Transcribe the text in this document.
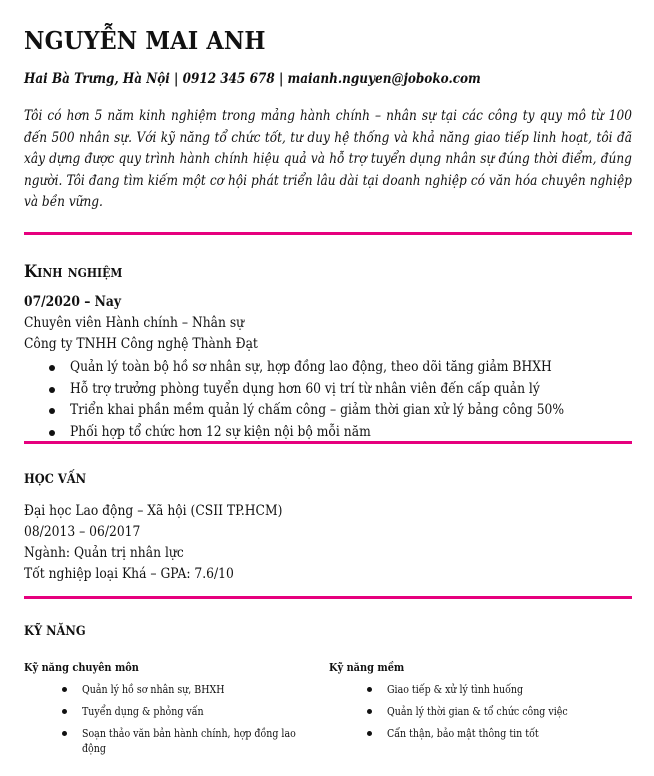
NGUYỄN MAI ANH
Hai Bà Trưng, Hà Nội | 0912 345 678 | maianh.nguyen@joboko.com
Tôi có hơn 5 năm kinh nghiệm trong mảng hành chính – nhân sự tại các công ty quy mô từ 100 đến 500 nhân sự. Với kỹ năng tổ chức tốt, tư duy hệ thống và khả năng giao tiếp linh hoạt, tôi đã xây dựng được quy trình hành chính hiệu quả và hỗ trợ tuyển dụng nhân sự đúng thời điểm, đúng người. Tôi đang tìm kiếm một cơ hội phát triển lâu dài tại doanh nghiệp có văn hóa chuyên nghiệp và bền vững.
Kinh nghiệm
07/2020 – Nay
Chuyên viên Hành chính – Nhân sự
Công ty TNHH Công nghệ Thành Đạt
Quản lý toàn bộ hồ sơ nhân sự, hợp đồng lao động, theo dõi tăng giảm BHXH
Hỗ trợ trưởng phòng tuyển dụng hơn 60 vị trí từ nhân viên đến cấp quản lý
Triển khai phần mềm quản lý chấm công – giảm thời gian xử lý bảng công 50%
Phối hợp tổ chức hơn 12 sự kiện nội bộ mỗi năm
HỌC VẤN
Đại học Lao động – Xã hội (CSII TP.HCM)
08/2013 – 06/2017
Ngành: Quản trị nhân lực
Tốt nghiệp loại Khá – GPA: 7.6/10
KỸ NĂNG
Kỹ năng chuyên môn
Quản lý hồ sơ nhân sự, BHXH
Tuyển dụng & phỏng vấn
Soạn thảo văn bản hành chính, hợp đồng lao động
Kỹ năng mềm
Giao tiếp & xử lý tình huống
Quản lý thời gian & tổ chức công việc
Cẩn thận, bảo mật thông tin tốt
